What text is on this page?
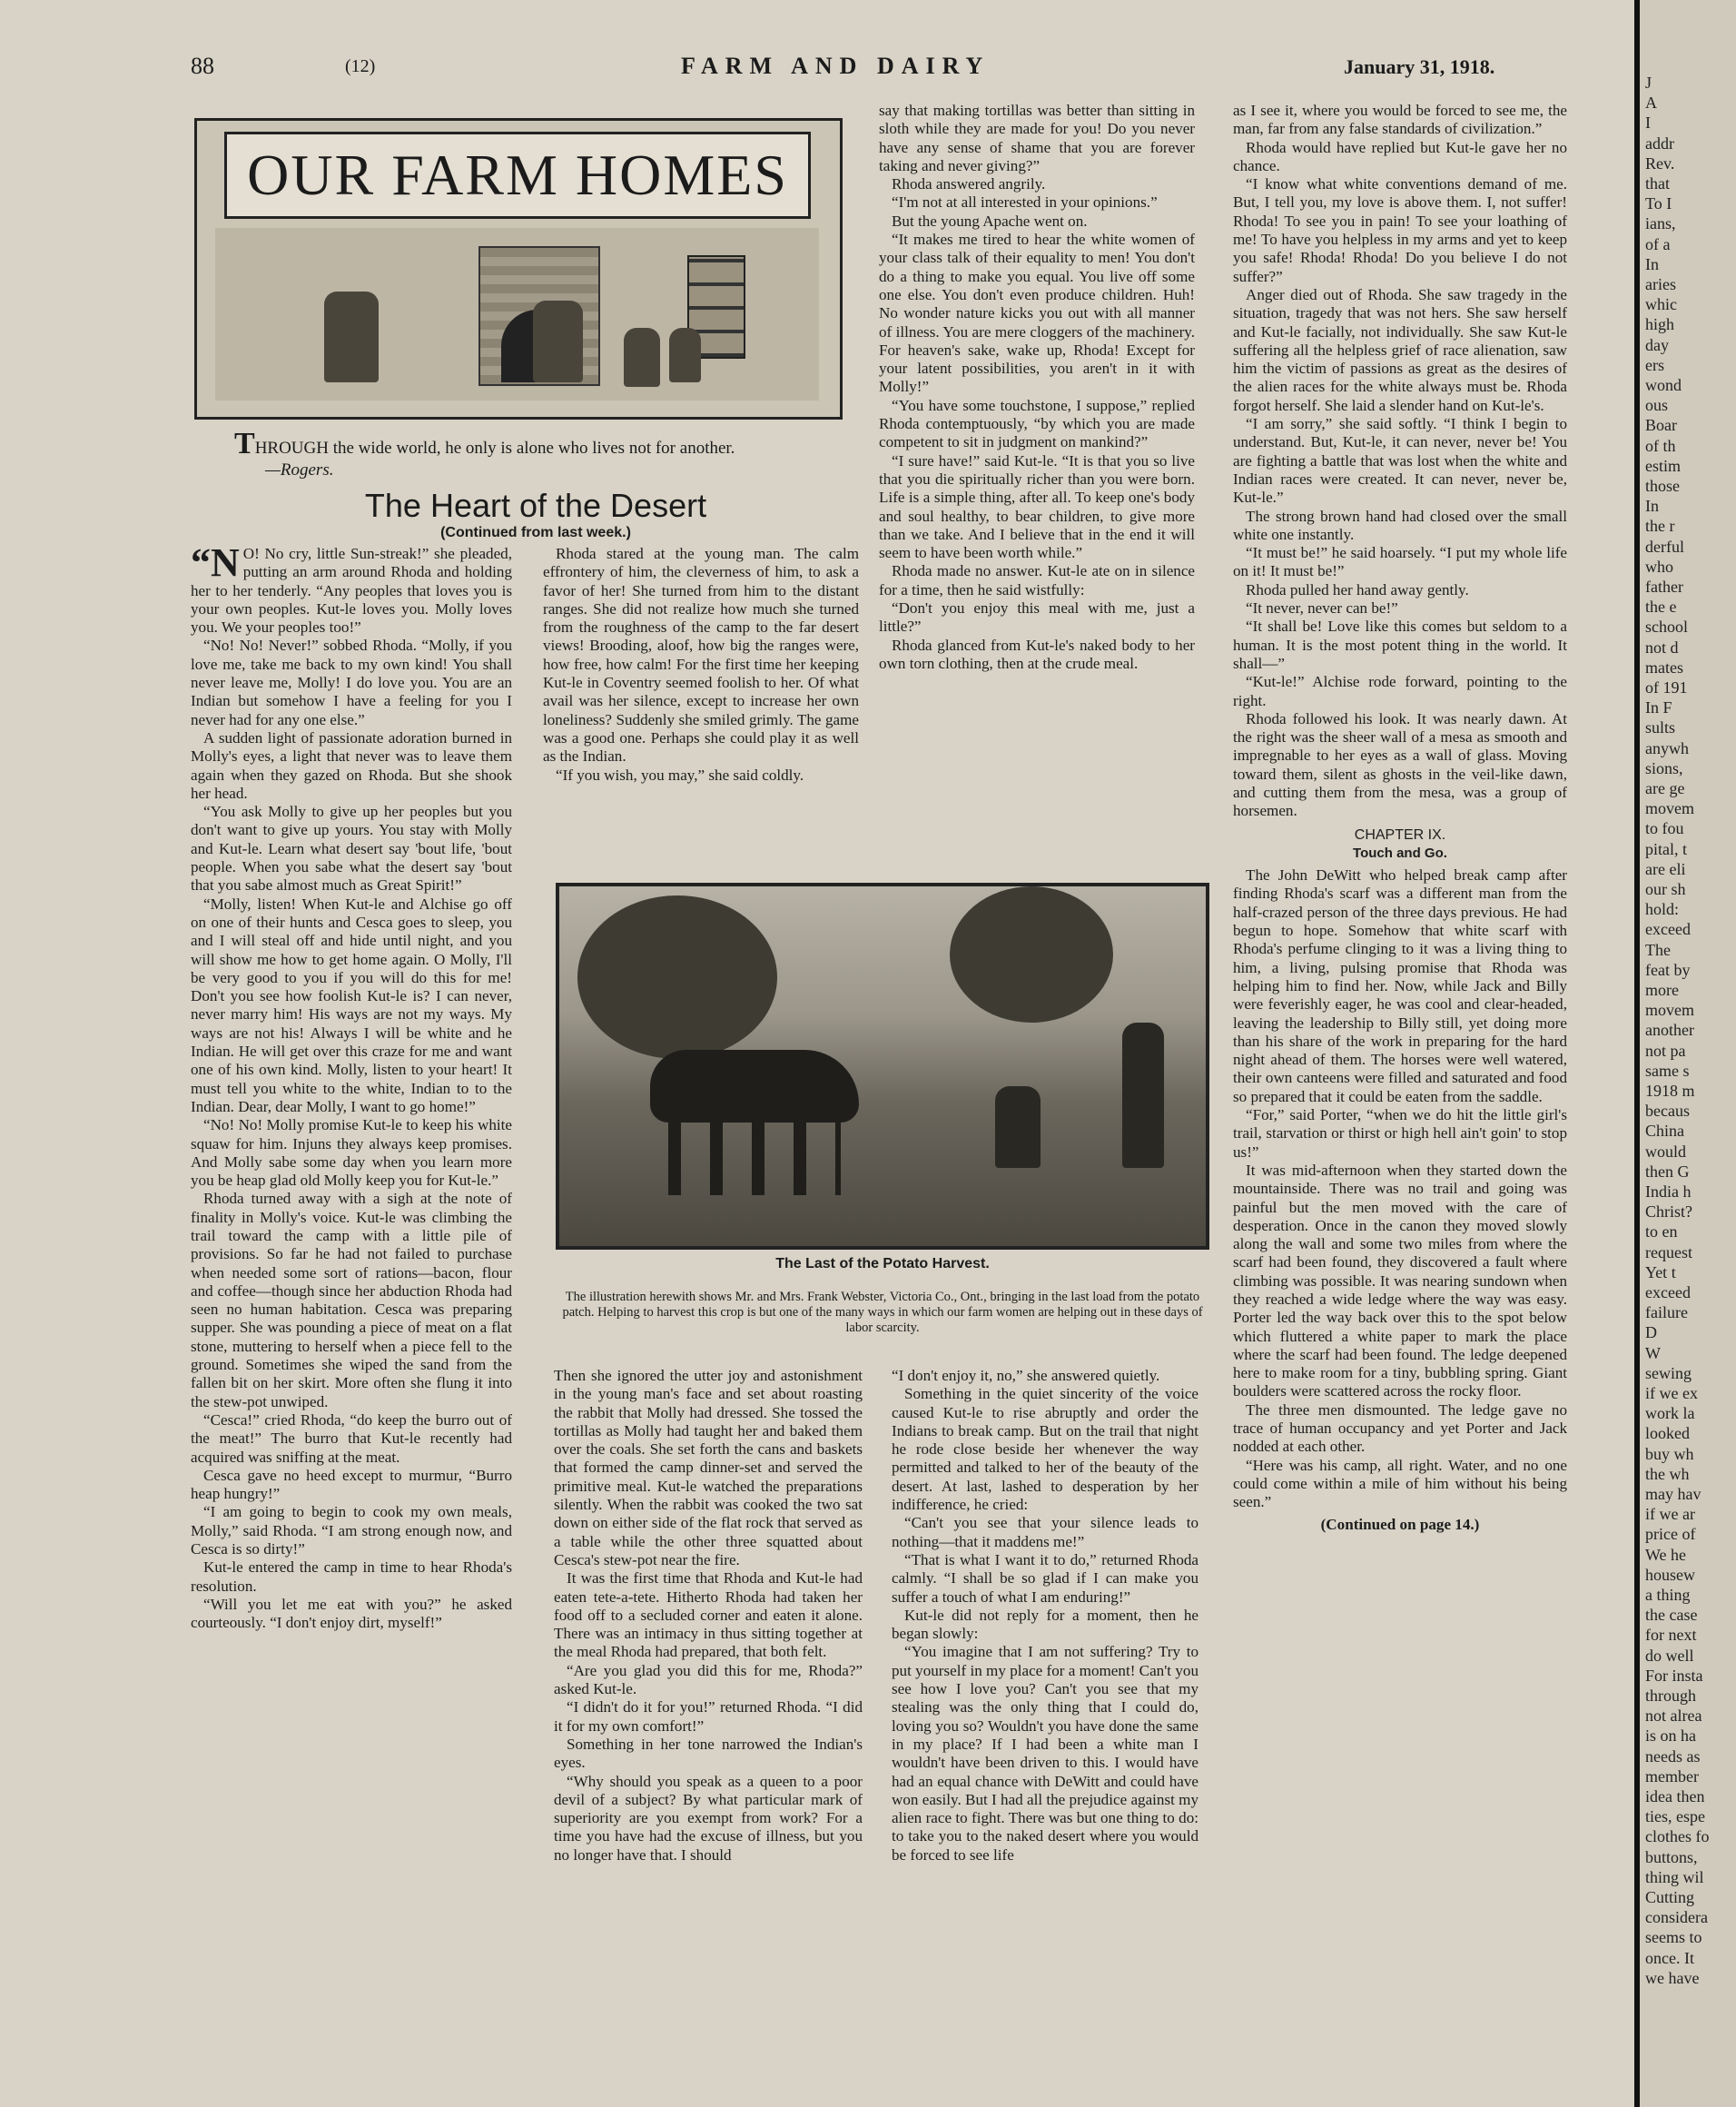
88	(12)	FARM AND DAIRY	January 31, 1918.
OUR FARM HOMES
THROUGH the wide world, he only is alone who lives not for another.
—Rogers.
The Heart of the Desert
(Continued from last week.)

“N O! No cry, little Sun-streak!” she pleaded, putting an arm around Rhoda and holding her to her tenderly. “Any peoples that loves you is your own peoples. Kut-le loves you. Molly loves you. We your peoples too!”

“No! No! Never!” sobbed Rhoda. “Molly, if you love me, take me back to my own kind! You shall never leave me, Molly! I do love you. You are an Indian but somehow I have a feeling for you I never had for any one else.”

A sudden light of passionate adoration burned in Molly's eyes, a light that never was to leave them again when they gazed on Rhoda. But she shook her head.

“You ask Molly to give up her peoples but you don't want to give up yours. You stay with Molly and Kut-le. Learn what desert say 'bout life, 'bout people. When you sabe what the desert say 'bout that you sabe almost much as Great Spirit!”

“Molly, listen! When Kut-le and Alchise go off on one of their hunts and Cesca goes to sleep, you and I will steal off and hide until night, and you will show me how to get home again. O Molly, I'll be very good to you if you will do this for me! Don't you see how foolish Kut-le is? I can never, never marry him! His ways are not my ways. My ways are not his! Always I will be white and he Indian. He will get over this craze for me and want one of his own kind. Molly, listen to your heart! It must tell you white to the white, Indian to to the Indian. Dear, dear Molly, I want to go home!”

“No! No! Molly promise Kut-le to keep his white squaw for him. Injuns they always keep promises. And Molly sabe some day when you learn more you be heap glad old Molly keep you for Kut-le.”

Rhoda turned away with a sigh at the note of finality in Molly's voice. Kut-le was climbing the trail toward the camp with a little pile of provisions. So far he had not failed to purchase when needed some sort of rations—bacon, flour and coffee—though since her abduction Rhoda had seen no human habitation. Cesca was preparing supper. She was pounding a piece of meat on a flat stone, muttering to herself when a piece fell to the ground. Sometimes she wiped the sand from the fallen bit on her skirt. More often she flung it into the stew-pot unwiped.

“Cesca!” cried Rhoda, “do keep the burro out of the meat!” The burro that Kut-le recently had acquired was sniffing at the meat.

Cesca gave no heed except to murmur, “Burro heap hungry!”

“I am going to begin to cook my own meals, Molly,” said Rhoda. “I am strong enough now, and Cesca is so dirty!”

Kut-le entered the camp in time to hear Rhoda's resolution.

“Will you let me eat with you?” he asked courteously. “I don't enjoy dirt, myself!”

Rhoda stared at the young man. The calm effrontery of him, the cleverness of him, to ask a favor of her! She turned from him to the distant ranges. She did not realize how much she turned from the roughness of the camp to the far desert views! Brooding, aloof, how big the ranges were, how free, how calm! For the first time her keeping Kut-le in Coventry seemed foolish to her. Of what avail was her silence, except to increase her own loneliness? Suddenly she smiled grimly. The game was a good one. Perhaps she could play it as well as the Indian.

“If you wish, you may,” she said coldly.

say that making tortillas was better than sitting in sloth while they are made for you! Do you never have any sense of shame that you are forever taking and never giving?”

Rhoda answered angrily.

“I'm not at all interested in your opinions.”

But the young Apache went on.

“It makes me tired to hear the white women of your class talk of their equality to men! You don't do a thing to make you equal. You live off some one else. You don't even produce children. Huh! No wonder nature kicks you out with all manner of illness. You are mere cloggers of the machinery. For heaven's sake, wake up, Rhoda! Except for your latent possibilities, you aren't in it with Molly!”

“You have some touchstone, I suppose,” replied Rhoda contemptuously, “by which you are made competent to sit in judgment on mankind?”

“I sure have!” said Kut-le. “It is that you so live that you die spiritually richer than you were born. Life is a simple thing, after all. To keep one's body and soul healthy, to bear children, to give more than we take. And I believe that in the end it will seem to have been worth while.”

Rhoda made no answer. Kut-le ate on in silence for a time, then he said wistfully:

“Don't you enjoy this meal with me, just a little?”

Rhoda glanced from Kut-le's naked body to her own torn clothing, then at the crude meal.

as I see it, where you would be forced to see me, the man, far from any false standards of civilization.”

Rhoda would have replied but Kut-le gave her no chance.

“I know what white conventions demand of me. But, I tell you, my love is above them. I, not suffer! Rhoda! To see you in pain! To see your loathing of me! To have you helpless in my arms and yet to keep you safe! Rhoda! Rhoda! Do you believe I do not suffer?”

Anger died out of Rhoda. She saw tragedy in the situation, tragedy that was not hers. She saw herself and Kut-le facially, not individually. She saw Kut-le suffering all the helpless grief of race alienation, saw him the victim of passions as great as the desires of the alien races for the white always must be. Rhoda forgot herself. She laid a slender hand on Kut-le's.

“I am sorry,” she said softly. “I think I begin to understand. But, Kut-le, it can never, never be! You are fighting a battle that was lost when the white and Indian races were created. It can never, never be, Kut-le.”

The strong brown hand had closed over the small white one instantly.

“It must be!” he said hoarsely. “I put my whole life on it! It must be!”

Rhoda pulled her hand away gently.

“It never, never can be!”

“It shall be! Love like this comes but seldom to a human. It is the most potent thing in the world. It shall—”

“Kut-le!” Alchise rode forward, pointing to the right.

Rhoda followed his look. It was nearly dawn. At the right was the sheer wall of a mesa as smooth and impregnable to her eyes as a wall of glass. Moving toward them, silent as ghosts in the veil-like dawn, and cutting them from the mesa, was a group of horsemen.

CHAPTER IX.

Touch and Go.

The John DeWitt who helped break camp after finding Rhoda's scarf was a different man from the half-crazed person of the three days previous. He had begun to hope. Somehow that white scarf with Rhoda's perfume clinging to it was a living thing to him, a living, pulsing promise that Rhoda was helping him to find her. Now, while Jack and Billy were feverishly eager, he was cool and clear-headed, leaving the leadership to Billy still, yet doing more than his share of the work in preparing for the hard night ahead of them. The horses were well watered, their own canteens were filled and saturated and food so prepared that it could be eaten from the saddle.

“For,” said Porter, “when we do hit the little girl's trail, starvation or thirst or high hell ain't goin' to stop us!”

It was mid-afternoon when they started down the mountainside. There was no trail and going was painful but the men moved with the care of desperation. Once in the canon they moved slowly along the wall and some two miles from where the scarf had been found, they discovered a fault where climbing was possible. It was nearing sundown when they reached a wide ledge where the way was easy. Porter led the way back over this to the spot below which fluttered a white paper to mark the place where the scarf had been found. The ledge deepened here to make room for a tiny, bubbling spring. Giant boulders were scattered across the rocky floor.

The three men dismounted. The ledge gave no trace of human occupancy and yet Porter and Jack nodded at each other.

“Here was his camp, all right. Water, and no one could come within a mile of him without his being seen.”

(Continued on page 14.)

The Last of the Potato Harvest.
The illustration herewith shows Mr. and Mrs. Frank Webster, Victoria Co., Ont., bringing in the last load from the potato patch. Helping to harvest this crop is but one of the many ways in which our farm women are helping out in these days of labor scarcity.

Then she ignored the utter joy and astonishment in the young man's face and set about roasting the rabbit that Molly had dressed. She tossed the tortillas as Molly had taught her and baked them over the coals. She set forth the cans and baskets that formed the camp dinner-set and served the primitive meal. Kut-le watched the preparations silently. When the rabbit was cooked the two sat down on either side of the flat rock that served as a table while the other three squatted about Cesca's stew-pot near the fire.

It was the first time that Rhoda and Kut-le had eaten tete-a-tete. Hitherto Rhoda had taken her food off to a secluded corner and eaten it alone. There was an intimacy in thus sitting together at the meal Rhoda had prepared, that both felt.

“Are you glad you did this for me, Rhoda?” asked Kut-le.

“I didn't do it for you!” returned Rhoda. “I did it for my own comfort!”

Something in her tone narrowed the Indian's eyes.

“Why should you speak as a queen to a poor devil of a subject? By what particular mark of superiority are you exempt from work? For a time you have had the excuse of illness, but you no longer have that. I should

“I don't enjoy it, no,” she answered quietly.

Something in the quiet sincerity of the voice caused Kut-le to rise abruptly and order the Indians to break camp. But on the trail that night he rode close beside her whenever the way permitted and talked to her of the beauty of the desert. At last, lashed to desperation by her indifference, he cried:

“Can't you see that your silence leads to nothing—that it maddens me!”

“That is what I want it to do,” returned Rhoda calmly. “I shall be so glad if I can make you suffer a touch of what I am enduring!”

Kut-le did not reply for a moment, then he began slowly:

“You imagine that I am not suffering? Try to put yourself in my place for a moment! Can't you see how I love you? Can't you see that my stealing was the only thing that I could do, loving you so? Wouldn't you have done the same in my place? If I had been a white man I wouldn't have been driven to this. I would have had an equal chance with DeWitt and could have won easily. But I had all the prejudice against my alien race to fight. There was but one thing to do: to take you to the naked desert where you would be forced to see life

J
A
I
addr
Rev.
that
To I
ians,
of a
In
aries
whic
high
day
ers
wond
ous
Boar
of th
estim
those
In
the r
derful
who
father
the e
school
not d
mates
of 191
In F
sults
anywh
sions,
are ge
movem
to fou
pital, t
are eli
our sh
hold:
exceed
The
feat by
more
movem
another
not pa
same s
1918 m
becaus
China
would
then G
India h
Christ?
to en
request
Yet t
exceed
failure
D
W
sewing
if we ex
work la
looked
buy wh
the wh
may hav
if we ar
price of
We he
housew
a thing
the case
for next
do well
For insta
through
not alrea
is on ha
needs as
member
idea then
ties, espe
clothes fo
buttons,
thing wil
Cutting
considera
seems to
once. It
we have
